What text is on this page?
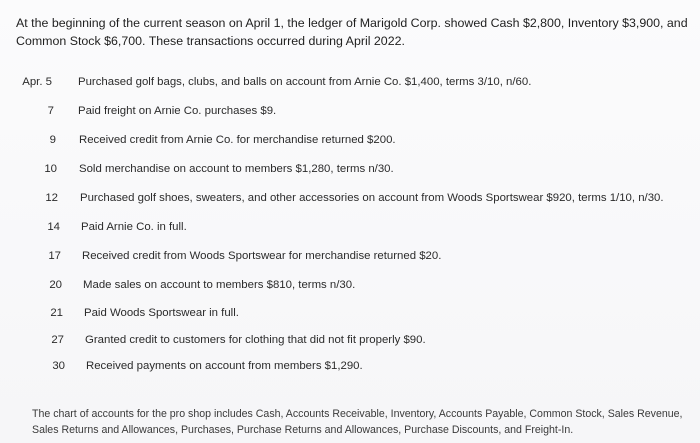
At the beginning of the current season on April 1, the ledger of Marigold Corp. showed Cash $2,800, Inventory $3,900, and Common Stock $6,700. These transactions occurred during April 2022.
Apr. 5 Purchased golf bags, clubs, and balls on account from Arnie Co. $1,400, terms 3/10, n/60.
7 Paid freight on Arnie Co. purchases $9.
9 Received credit from Arnie Co. for merchandise returned $200.
10 Sold merchandise on account to members $1,280, terms n/30.
12 Purchased golf shoes, sweaters, and other accessories on account from Woods Sportswear $920, terms 1/10, n/30.
14 Paid Arnie Co. in full.
17 Received credit from Woods Sportswear for merchandise returned $20.
20 Made sales on account to members $810, terms n/30.
21 Paid Woods Sportswear in full.
27 Granted credit to customers for clothing that did not fit properly $90.
30 Received payments on account from members $1,290.
The chart of accounts for the pro shop includes Cash, Accounts Receivable, Inventory, Accounts Payable, Common Stock, Sales Revenue, Sales Returns and Allowances, Purchases, Purchase Returns and Allowances, Purchase Discounts, and Freight-In.
